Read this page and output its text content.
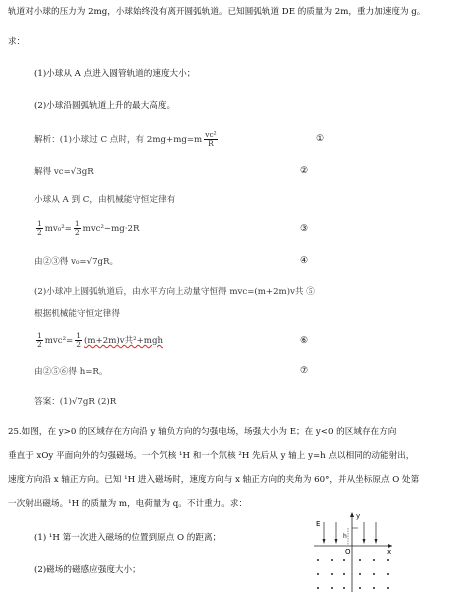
轨道对小球的压力为 2mg，小球始终没有离开圆弧轨道。已知圆弧轨道 DE 的质量为 2m，重力加速度为 g。
求：
(1)小球从 A 点进入圆管轨道的速度大小；
(2)小球沿圆弧轨道上升的最大高度。
解析：(1)小球过 C 点时，有 $2mg+mg=m \frac{\text{vc²}}{R}$	①
解得 vc=√3gR	②
小球从 A 到 C，由机械能守恒定律有
$\frac{1}{2} mv_0^2= \frac{1}{2} mvc^2-mg\cdot 2R$	③
由②③得 v₀=√7gR。	④
(2)小球冲上圆弧轨道后，由水平方向上动量守恒得 mvc=(m+2m)v共 ⑤
根据机械能守恒定律得
$\frac{1}{2} mvc^2= \frac{1}{2} (m+2m)v$共²+mgh	⑥
由②⑤⑥得 h=R。	⑦
答案：(1)√7gR (2)R
25.如图，在 y>0 的区域存在方向沿 y 轴负方向的匀强电场，场强大小为 E；在 y<0 的区域存在方向
垂直于 xOy 平面向外的匀强磁场。一个氕核 ¹H 和一个氘核 ²H 先后从 y 轴上 y=h 点以相同的动能射出，
速度方向沿 x 轴正方向。已知 ¹H 进入磁场时，速度方向与 x 轴正方向的夹角为 60°，并从坐标原点 O 处第
一次射出磁场。¹H 的质量为 m，电荷量为 q。不计重力。求：
(1) ¹H 第一次进入磁场的位置到原点 O 的距离；
(2)磁场的磁感应强度大小；
E
y
h
O	x
